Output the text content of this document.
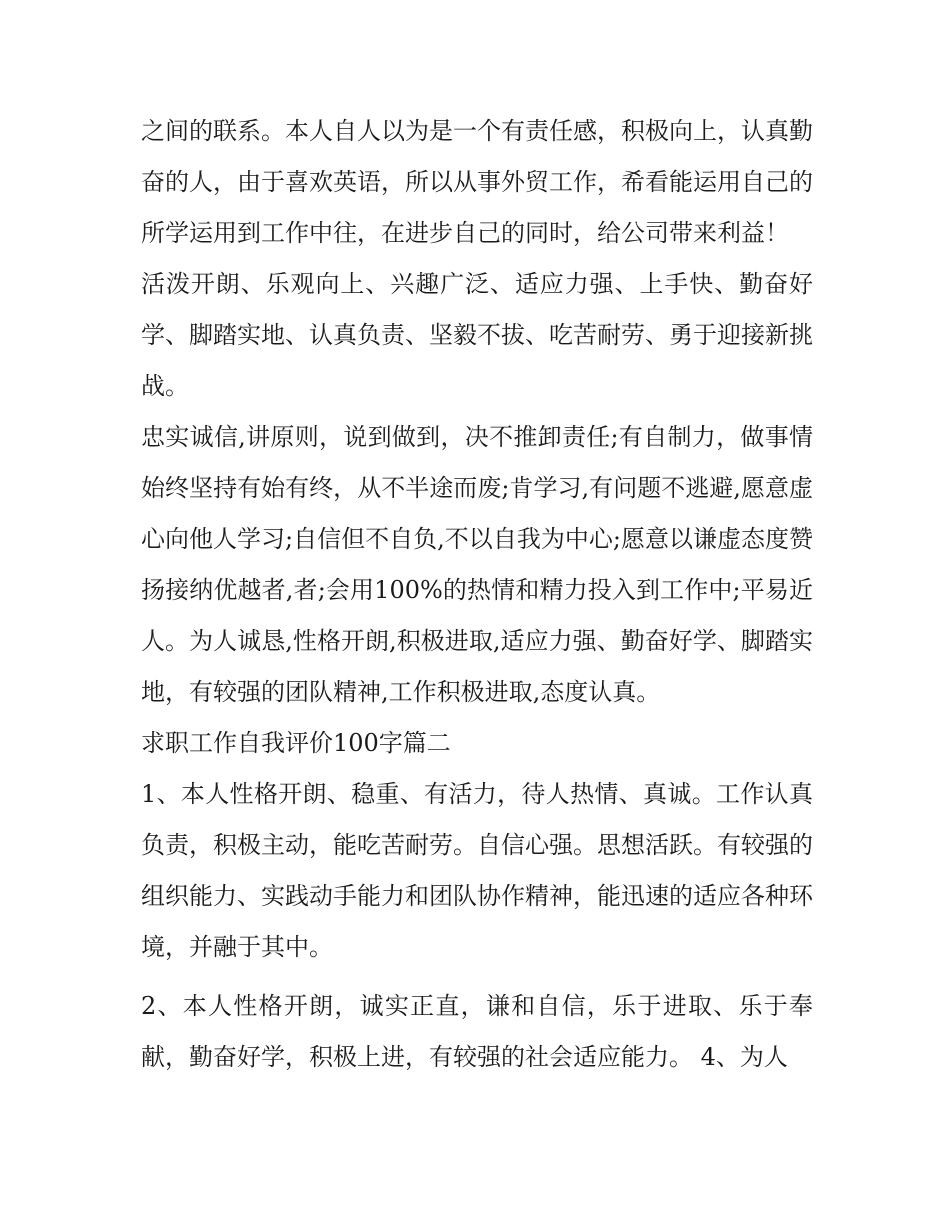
之间的联系。本人自人以为是一个有责任感，积极向上，认真勤奋的人，由于喜欢英语，所以从事外贸工作，希看能运用自己的所学运用到工作中往，在进步自己的同时，给公司带来利益！

活泼开朗、乐观向上、兴趣广泛、适应力强、上手快、勤奋好学、脚踏实地、认真负责、坚毅不拔、吃苦耐劳、勇于迎接新挑战。

忠实诚信,讲原则，说到做到，决不推卸责任;有自制力，做事情始终坚持有始有终，从不半途而废;肯学习,有问题不逃避,愿意虚心向他人学习;自信但不自负,不以自我为中心;愿意以谦虚态度赞扬接纳优越者,者;会用100%的热情和精力投入到工作中;平易近人。为人诚恳,性格开朗,积极进取,适应力强、勤奋好学、脚踏实地，有较强的团队精神,工作积极进取,态度认真。

求职工作自我评价100字篇二

1、本人性格开朗、稳重、有活力，待人热情、真诚。工作认真负责，积极主动，能吃苦耐劳。自信心强。思想活跃。有较强的组织能力、实践动手能力和团队协作精神，能迅速的适应各种环境，并融于其中。

2、本人性格开朗，诚实正直，谦和自信，乐于进取、乐于奉献，勤奋好学，积极上进，有较强的社会适应能力。 4、为人
